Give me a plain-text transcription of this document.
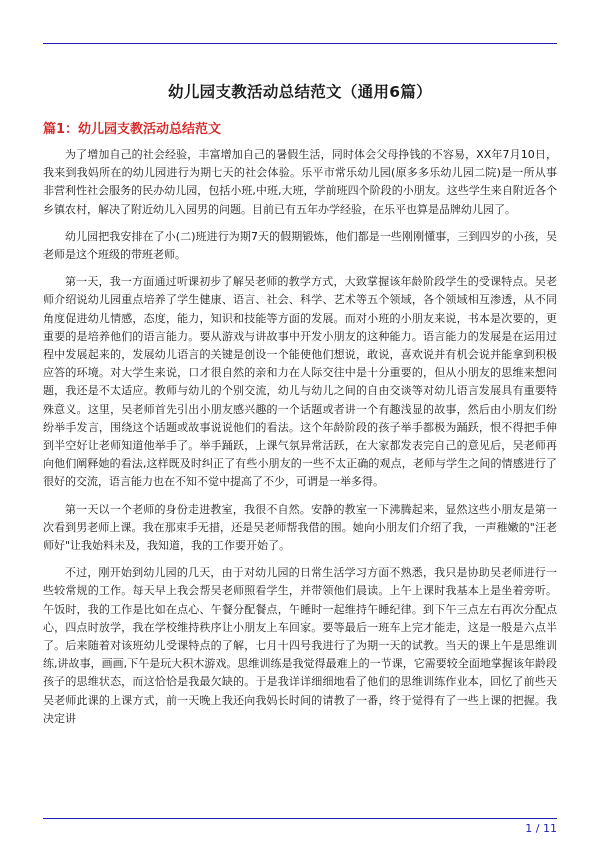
幼儿园支教活动总结范文（通用6篇）
篇1：幼儿园支教活动总结范文

为了增加自己的社会经验，丰富增加自己的暑假生活，同时体会父母挣钱的不容易，XX年7月10日，我来到我妈所在的幼儿园进行为期七天的社会体验。乐平市常乐幼儿园(原多多乐幼儿园二院)是一所从事非营利性社会服务的民办幼儿园，包括小班,中班,大班，学前班四个阶段的小朋友。这些学生来自附近各个乡镇农村，解决了附近幼儿入园男的问题。目前已有五年办学经验，在乐平也算是品牌幼儿园了。

幼儿园把我安排在了小(二)班进行为期7天的假期锻炼，他们都是一些刚刚懂事，三到四岁的小孩，吴老师是这个班级的带班老师。

第一天，我一方面通过听课初步了解吴老师的教学方式，大致掌握该年龄阶段学生的受课特点。吴老师介绍说幼儿园重点培养了学生健康、语言、社会、科学、艺术等五个领域，各个领域相互渗透，从不同角度促进幼儿情感，态度，能力，知识和技能等方面的发展。而对小班的小朋友来说，书本是次要的，更重要的是培养他们的语言能力。要从游戏与讲故事中开发小朋友的这种能力。语言能力的发展是在运用过程中发展起来的，发展幼儿语言的关键是创设一个能使他们想说，敢说，喜欢说并有机会说并能拿到积极应答的环境。对大学生来说，口才很自然的亲和力在人际交往中是十分重要的，但从小朋友的思维来想问题，我还是不太适应。教师与幼儿的个别交流，幼儿与幼儿之间的自由交谈等对幼儿语言发展具有重要特殊意义。这里，吴老师首先引出小朋友感兴趣的一个话题或者讲一个有趣浅显的故事，然后由小朋友们纷纷举手发言，围绕这个话题或故事说说他们的看法。这个年龄阶段的孩子举手都极为踊跃，恨不得把手伸到半空好让老师知道他举手了。举手踊跃，上课气氛异常活跃，在大家都发表完自己的意见后，吴老师再向他们阐释她的看法,这样既及时纠正了有些小朋友的一些不太正确的观点，老师与学生之间的情感进行了很好的交流，语言能力也在不知不觉中提高了不少，可谓是一举多得。

第一天以一个老师的身份走进教室，我很不自然。安静的教室一下沸腾起来，显然这些小朋友是第一次看到男老师上课。我在那束手无措，还是吴老师帮我借的围。她向小朋友们介绍了我，一声稚嫩的"汪老师好"让我始料未及，我知道，我的工作要开始了。

不过，刚开始到幼儿园的几天，由于对幼儿园的日常生活学习方面不熟悉，我只是协助吴老师进行一些较常规的工作。每天早上我会帮吴老师照看学生，并带领他们晨读。上午上课时我基本上是坐着旁听。午饭时，我的工作是比如在点心、午餐分配餐点，午睡时一起维持午睡纪律。到下午三点左右再次分配点心，四点时放学，我在学校维持秩序让小朋友上车回家。要等最后一班车上完才能走，这是一般是六点半了。后来随着对该班幼儿受课特点的了解，七月十四号我进行了为期一天的试教。当天的课上午是思维训练,讲故事，画画,下午是玩大积木游戏。思维训练是我觉得最难上的一节课，它需要较全面地掌握该年龄段孩子的思维状态，而这恰恰是我最欠缺的。于是我详详细细地看了他们的思维训练作业本，回忆了前些天吴老师此课的上课方式，前一天晚上我还向我妈长时间的请教了一番，终于觉得有了一些上课的把握。我决定讲

1 / 11
